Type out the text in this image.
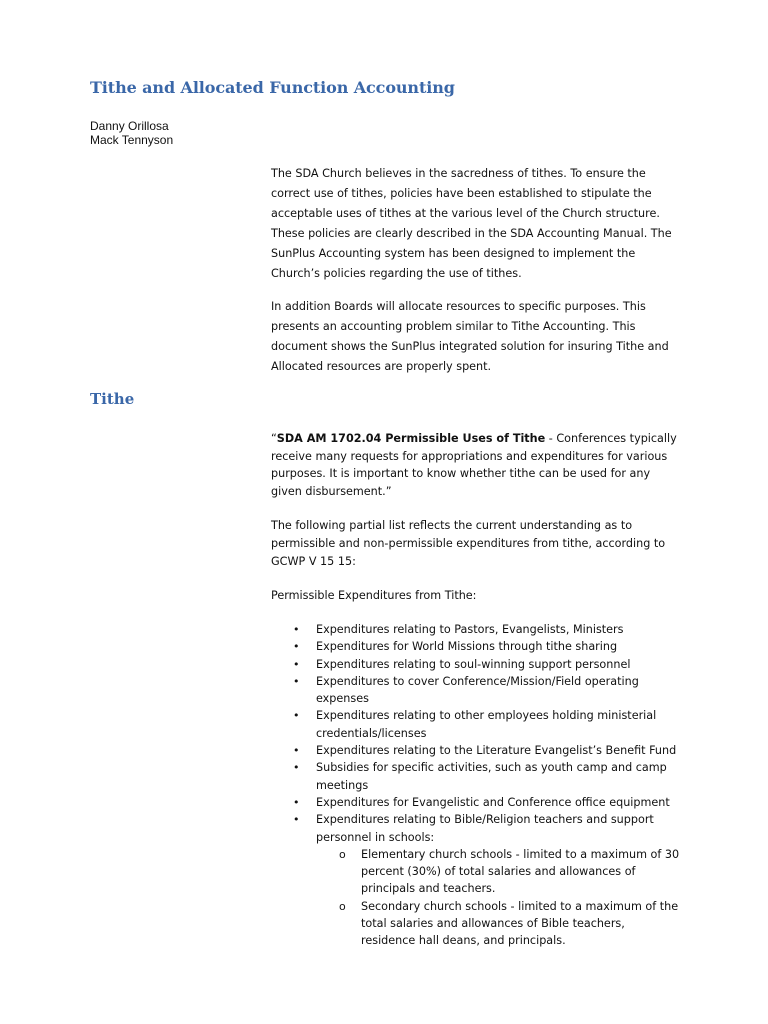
Tithe and Allocated Function Accounting
Danny Orillosa
Mack Tennyson
The SDA Church believes in the sacredness of tithes. To ensure the correct use of tithes, policies have been established to stipulate the acceptable uses of tithes at the various level of the Church structure. These policies are clearly described in the SDA Accounting Manual. The SunPlus Accounting system has been designed to implement the Church’s policies regarding the use of tithes.
In addition Boards will allocate resources to specific purposes. This presents an accounting problem similar to Tithe Accounting. This document shows the SunPlus integrated solution for insuring Tithe and Allocated resources are properly spent.
Tithe
“SDA AM 1702.04 Permissible Uses of Tithe - Conferences typically receive many requests for appropriations and expenditures for various purposes. It is important to know whether tithe can be used for any given disbursement.”
The following partial list reflects the current understanding as to permissible and non-permissible expenditures from tithe, according to GCWP V 15 15:
Permissible Expenditures from Tithe:
• Expenditures relating to Pastors, Evangelists, Ministers
• Expenditures for World Missions through tithe sharing
• Expenditures relating to soul-winning support personnel
• Expenditures to cover Conference/Mission/Field operating expenses
• Expenditures relating to other employees holding ministerial credentials/licenses
• Expenditures relating to the Literature Evangelist’s Benefit Fund
• Subsidies for specific activities, such as youth camp and camp meetings
• Expenditures for Evangelistic and Conference office equipment
• Expenditures relating to Bible/Religion teachers and support personnel in schools:
o Elementary church schools - limited to a maximum of 30 percent (30%) of total salaries and allowances of principals and teachers.
o Secondary church schools - limited to a maximum of the total salaries and allowances of Bible teachers, residence hall deans, and principals.
